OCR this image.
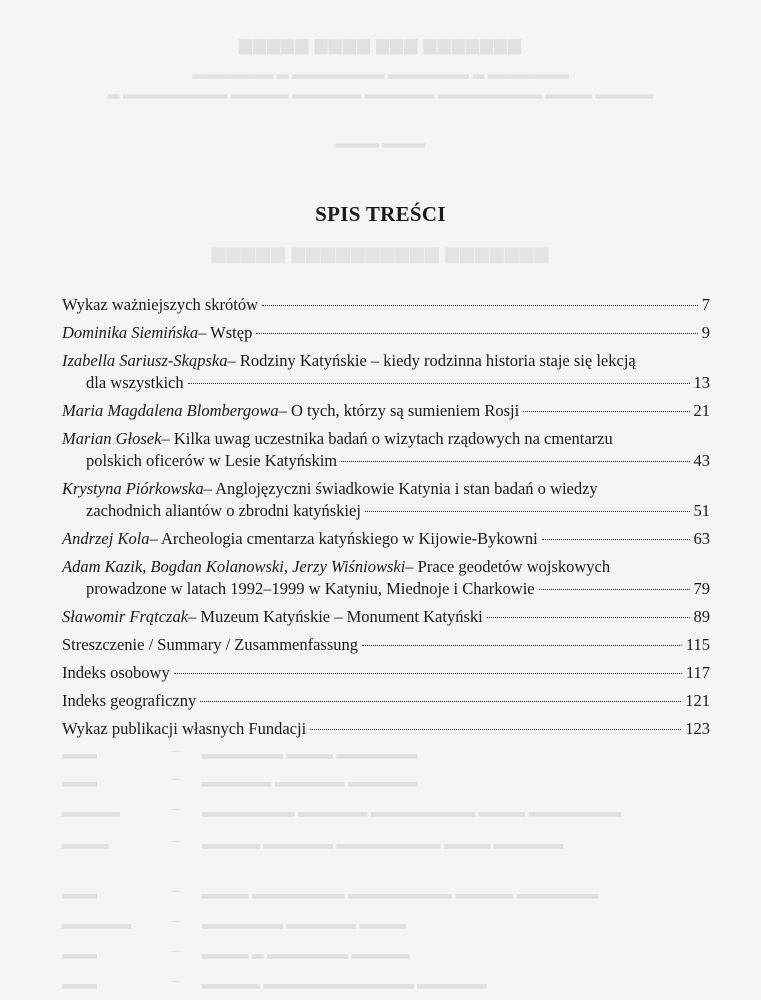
▆▆▆▆▆ ▆▆▆▆ ▆▆▆ ▆▆▆▆▆▆▆
▂▂▂▂▂▂▂ ▂ ▂▂▂▂▂▂▂▂ ▂▂▂▂▂▂▂ ▂ ▂▂▂▂▂▂▂
▂ ▂▂▂▂▂▂▂▂▂ ▂▂▂▂▂ ▂▂▂▂▂▂ ▂▂▂▂▂▂ ▂▂▂▂▂▂▂▂▂ ▂▂▂▂ ▂▂▂▂▂
▂▂▂▂ ▂▂▂▂
▆▆▆▆▆ ▆▆▆▆▆▆▆▆▆▆ ▆▆▆▆▆▆▆
▂▂▂	– ▂▂▂▂▂▂▂ ▂▂▂▂ ▂▂▂▂▂▂▂
▂▂▂	– ▂▂▂▂▂▂ ▂▂▂▂▂▂ ▂▂▂▂▂▂
▂▂▂▂▂	– ▂▂▂▂▂▂▂▂ ▂▂▂▂▂▂ ▂▂▂▂▂▂▂▂▂ ▂▂▂▂ ▂▂▂▂▂▂▂▂
▂▂▂▂	– ▂▂▂▂▂ ▂▂▂▂▂▂ ▂▂▂▂▂▂▂▂▂ ▂▂▂▂ ▂▂▂▂▂▂
▂▂▂	– ▂▂▂▂ ▂▂▂▂▂▂▂▂ ▂▂▂▂▂▂▂▂▂ ▂▂▂▂▂ ▂▂▂▂▂▂▂
▂▂▂▂▂▂	– ▂▂▂▂▂▂▂ ▂▂▂▂▂▂ ▂▂▂▂
▂▂▂	– ▂▂▂▂ ▂ ▂▂▂▂▂▂▂ ▂▂▂▂▂
▂▂▂	– ▂▂▂▂▂ ▂▂▂▂▂▂▂▂▂▂▂▂▂ ▂▂▂▂▂▂
SPIS TREŚCI
Wykaz ważniejszych skrótów	7
Dominika Siemińska – Wstęp	9
Izabella Sariusz-Skąpska – Rodziny Katyńskie – kiedy rodzinna historia staje się lekcją
dla wszystkich	13
Maria Magdalena Blombergowa – O tych, którzy są sumieniem Rosji	21
Marian Głosek – Kilka uwag uczestnika badań o wizytach rządowych na cmentarzu
polskich oficerów w Lesie Katyńskim	43
Krystyna Piórkowska – Anglojęzyczni świadkowie Katynia i stan badań o wiedzy
zachodnich aliantów o zbrodni katyńskiej	51
Andrzej Kola – Archeologia cmentarza katyńskiego w Kijowie-Bykowni	63
Adam Kazik, Bogdan Kolanowski, Jerzy Wiśniowski – Prace geodetów wojskowych
prowadzone w latach 1992–1999 w Katyniu, Miednoje i Charkowie	79
Sławomir Frątczak – Muzeum Katyńskie – Monument Katyński	89
Streszczenie / Summary / Zusammenfassung	115
Indeks osobowy	117
Indeks geograficzny	121
Wykaz publikacji własnych Fundacji	123
